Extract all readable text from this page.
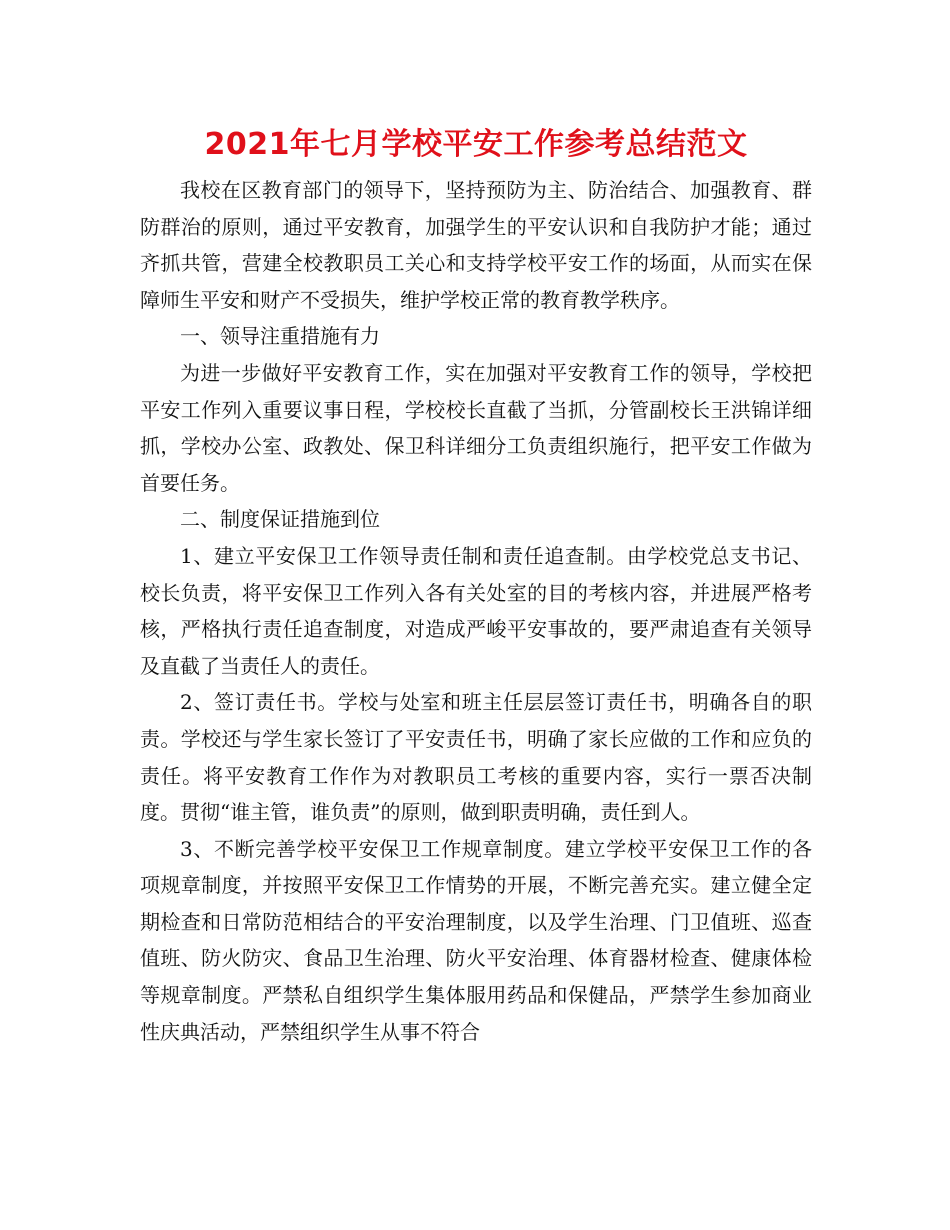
2021年七月学校平安工作参考总结范文

我校在区教育部门的领导下，坚持预防为主、防治结合、加强教育、群防群治的原则，通过平安教育，加强学生的平安认识和自我防护才能；通过齐抓共管，营建全校教职员工关心和支持学校平安工作的场面，从而实在保障师生平安和财产不受损失，维护学校正常的教育教学秩序。

一、领导注重措施有力

为进一步做好平安教育工作，实在加强对平安教育工作的领导，学校把平安工作列入重要议事日程，学校校长直截了当抓，分管副校长王洪锦详细抓，学校办公室、政教处、保卫科详细分工负责组织施行，把平安工作做为首要任务。

二、制度保证措施到位

1、建立平安保卫工作领导责任制和责任追查制。由学校党总支书记、校长负责，将平安保卫工作列入各有关处室的目的考核内容，并进展严格考核，严格执行责任追查制度，对造成严峻平安事故的，要严肃追查有关领导及直截了当责任人的责任。

2、签订责任书。学校与处室和班主任层层签订责任书，明确各自的职责。学校还与学生家长签订了平安责任书，明确了家长应做的工作和应负的责任。将平安教育工作作为对教职员工考核的重要内容，实行一票否决制度。贯彻“谁主管，谁负责”的原则，做到职责明确，责任到人。

3、不断完善学校平安保卫工作规章制度。建立学校平安保卫工作的各项规章制度，并按照平安保卫工作情势的开展，不断完善充实。建立健全定期检查和日常防范相结合的平安治理制度，以及学生治理、门卫值班、巡查值班、防火防灾、食品卫生治理、防火平安治理、体育器材检查、健康体检等规章制度。严禁私自组织学生集体服用药品和保健品，严禁学生参加商业性庆典活动，严禁组织学生从事不符合
